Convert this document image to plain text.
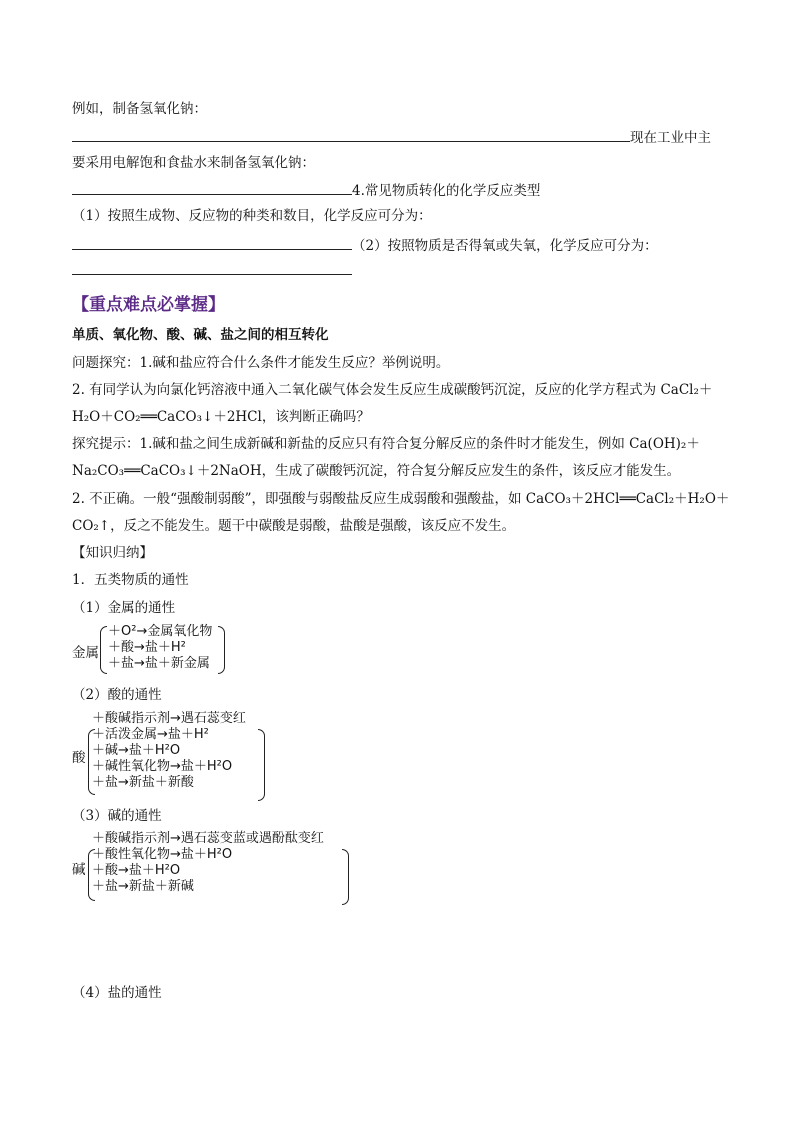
例如，制备氢氧化钠：
现在工业中主
要采用电解饱和食盐水来制备氢氧化钠：
4.常见物质转化的化学反应类型
（1）按照生成物、反应物的种类和数目，化学反应可分为：
（2）按照物质是否得氧或失氧，化学反应可分为：
【重点难点必掌握】
单质、氧化物、酸、碱、盐之间的相互转化
问题探究：1.碱和盐应符合什么条件才能发生反应？举例说明。
2. 有同学认为向氯化钙溶液中通入二氧化碳气体会发生反应生成碳酸钙沉淀，反应的化学方程式为 CaCl₂＋
H₂O＋CO₂══CaCO₃↓＋2HCl，该判断正确吗？
探究提示：1.碱和盐之间生成新碱和新盐的反应只有符合复分解反应的条件时才能发生，例如 Ca(OH)₂＋
Na₂CO₃══CaCO₃↓＋2NaOH，生成了碳酸钙沉淀，符合复分解反应发生的条件，该反应才能发生。
2. 不正确。一般“强酸制弱酸”，即强酸与弱酸盐反应生成弱酸和强酸盐，如 CaCO₃＋2HCl══CaCl₂＋H₂O＋
CO₂↑，反之不能发生。题干中碳酸是弱酸，盐酸是强酸，该反应不发生。
【知识归纳】
1．五类物质的通性
（1）金属的通性
金属
＋O²→金属氧化物
＋酸→盐＋H²
＋盐→盐＋新金属
（2）酸的通性
酸
＋酸碱指示剂→遇石蕊变红
＋活泼金属→盐＋H²
＋碱→盐＋H²O
＋碱性氧化物→盐＋H²O
＋盐→新盐＋新酸
（3）碱的通性
碱
＋酸碱指示剂→遇石蕊变蓝或遇酚酞变红
＋酸性氧化物→盐＋H²O
＋酸→盐＋H²O
＋盐→新盐＋新碱
（4）盐的通性
